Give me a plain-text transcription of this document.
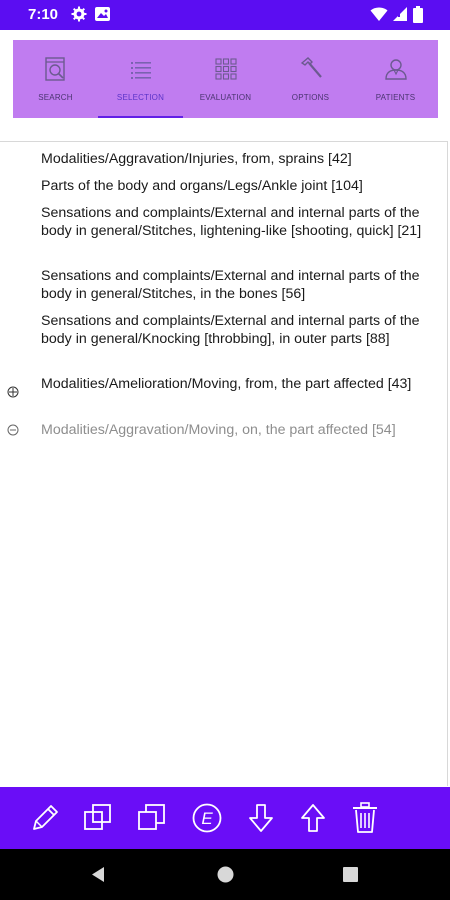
7:10
SEARCH	SELECTION	EVALUATION	OPTIONS	PATIENTS
Modalities/Aggravation/Injuries, from, sprains [42]
Parts of the body and organs/Legs/Ankle joint [104]
Sensations and complaints/External and internal parts of the body in general/Stitches, lightening-like [shooting, quick] [21]
Sensations and complaints/External and internal parts of the body in general/Stitches, in the bones [56]
Sensations and complaints/External and internal parts of the body in general/Knocking [throbbing], in outer parts [88]
Modalities/Amelioration/Moving, from, the part affected [43]
Modalities/Aggravation/Moving, on, the part affected [54]
E
